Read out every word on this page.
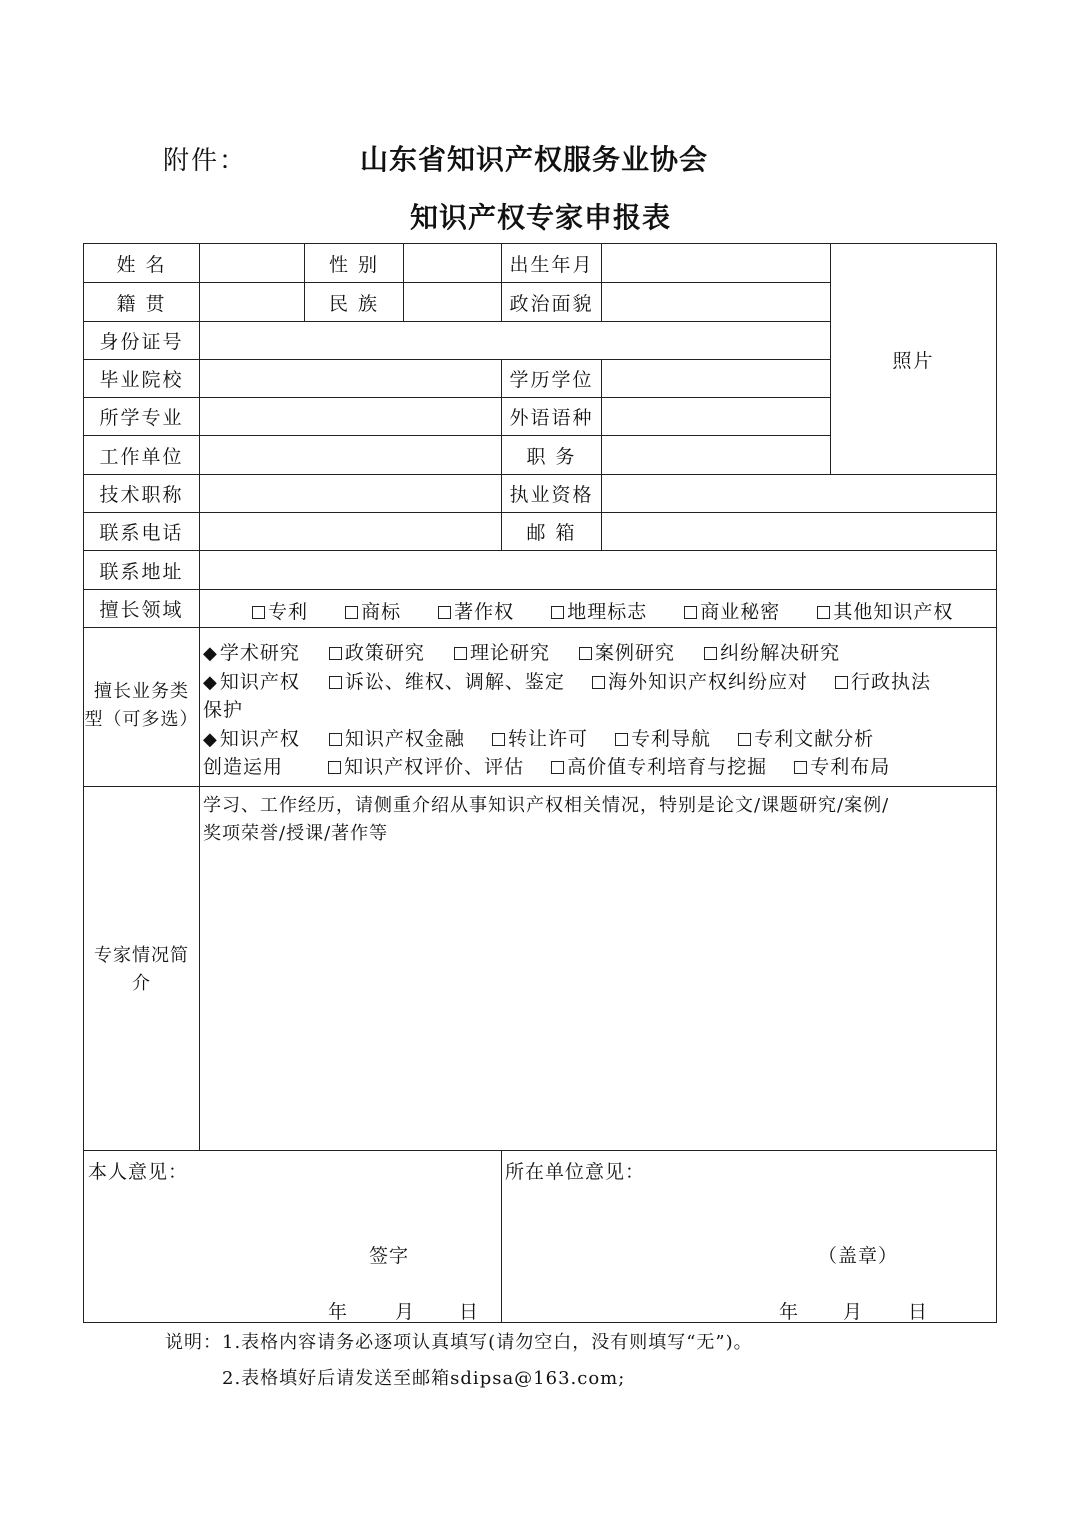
附件：	山东省知识产权服务业协会
知识产权专家申报表
姓 名	性 别	出生年月
籍 贯	民 族	政治面貌
照片
身份证号
毕业院校	学历学位
所学专业	外语语种
工作单位	职 务
技术职称	执业资格
联系电话	邮 箱
联系地址
擅长领域	专利	商标	著作权	地理标志	商业秘密	其他知识产权
擅长业务类
型（可多选）
◆ 学术研究 政策研究 理论研究 案例研究 纠纷解决研究
◆ 知识产权 诉讼、维权、调解、鉴定 海外知识产权纠纷应对 行政执法
保护
◆ 知识产权 知识产权金融 转让许可 专利导航 专利文献分析
创造运用	知识产权评价、评估 高价值专利培育与挖掘 专利布局
专家情况简
介
学习、工作经历，请侧重介绍从事知识产权相关情况，特别是论文/课题研究/案例/
奖项荣誉/授课/著作等
本人意见：
签字
年 月 日
所在单位意见：
（盖章）
年 月 日
说明：1.表格内容请务必逐项认真填写(请勿空白，没有则填写“无”)。
2.表格填好后请发送至邮箱sdipsa@163.com;
